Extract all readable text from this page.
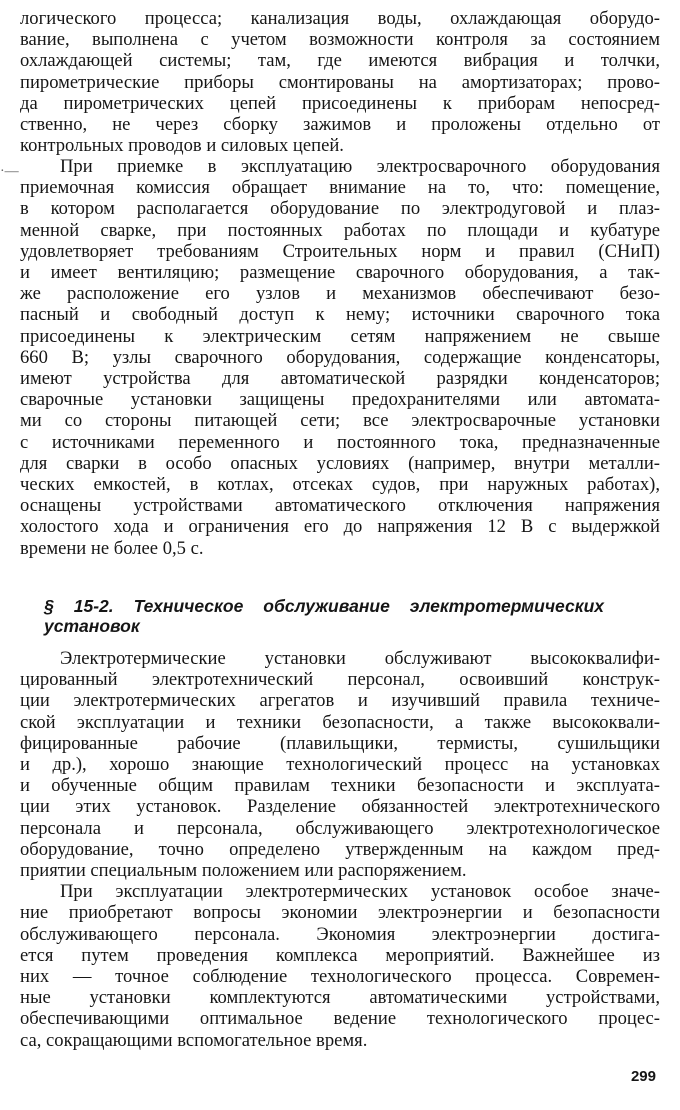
логического процесса; канализация воды, охлаждающая оборудо-
вание, выполнена с учетом возможности контроля за состоянием
охлаждающей системы; там, где имеются вибрация и толчки,
пирометрические приборы смонтированы на амортизаторах; прово-
да пирометрических цепей присоединены к приборам непосред-
ственно, не через сборку зажимов и проложены отдельно от
контрольных проводов и силовых цепей.
·—	При приемке в эксплуатацию электросварочного оборудования
приемочная комиссия обращает внимание на то, что: помещение,
в котором располагается оборудование по электродуговой и плаз-
менной сварке, при постоянных работах по площади и кубатуре
удовлетворяет требованиям Строительных норм и правил (СНиП)
и имеет вентиляцию; размещение сварочного оборудования, а так-
же расположение его узлов и механизмов обеспечивают безо-
пасный и свободный доступ к нему; источники сварочного тока
присоединены к электрическим сетям напряжением не свыше
660 В; узлы сварочного оборудования, содержащие конденсаторы,
имеют устройства для автоматической разрядки конденсаторов;
сварочные установки защищены предохранителями или автомата-
ми со стороны питающей сети; все электросварочные установки
с источниками переменного и постоянного тока, предназначенные
для сварки в особо опасных условиях (например, внутри металли-
ческих емкостей, в котлах, отсеках судов, при наружных работах),
оснащены устройствами автоматического отключения напряжения
холостого хода и ограничения его до напряжения 12 В с выдержкой
времени не более 0,5 с.
§ 15-2. Техническое обслуживание электротермических
установок
Электротермические установки обслуживают высококвалифи-
цированный электротехнический персонал, освоивший конструк-
ции электротермических агрегатов и изучивший правила техниче-
ской эксплуатации и техники безопасности, а также высококвали-
фицированные рабочие (плавильщики, термисты, сушильщики
и др.), хорошо знающие технологический процесс на установках
и обученные общим правилам техники безопасности и эксплуата-
ции этих установок. Разделение обязанностей электротехнического
персонала и персонала, обслуживающего электротехнологическое
оборудование, точно определено утвержденным на каждом пред-
приятии специальным положением или распоряжением.
При эксплуатации электротермических установок особое значе-
ние приобретают вопросы экономии электроэнергии и безопасности
обслуживающего персонала. Экономия электроэнергии достига-
ется путем проведения комплекса мероприятий. Важнейшее из
них — точное соблюдение технологического процесса. Современ-
ные установки комплектуются автоматическими устройствами,
обеспечивающими оптимальное ведение технологического процес-
са, сокращающими вспомогательное время.
299
